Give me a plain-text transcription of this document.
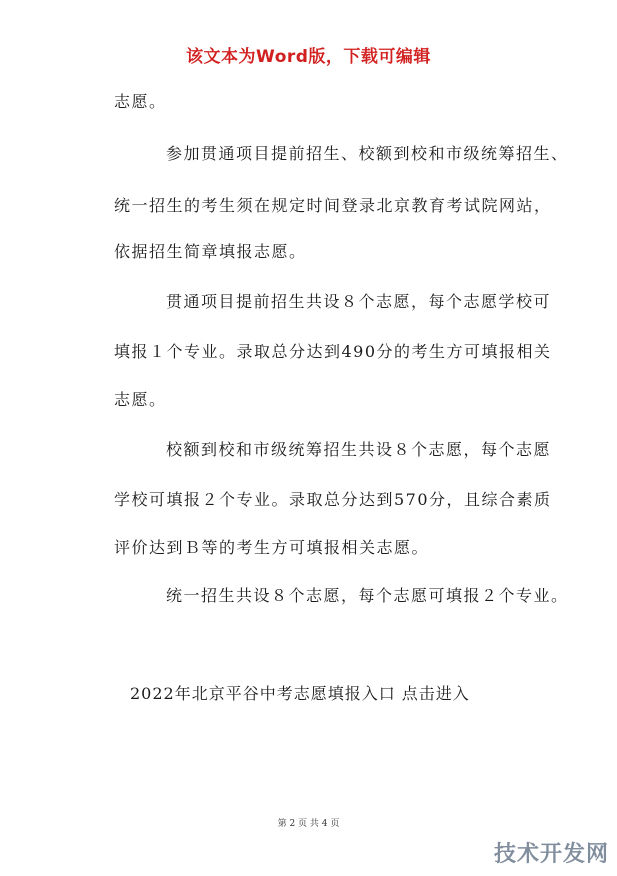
该文本为Word版，下载可编辑
志愿。
参加贯通项目提前招生、校额到校和市级统筹招生、
统一招生的考生须在规定时间登录北京教育考试院网站，
依据招生简章填报志愿。
贯通项目提前招生共设８个志愿，每个志愿学校可
填报１个专业。录取总分达到490分的考生方可填报相关
志愿。
校额到校和市级统筹招生共设８个志愿，每个志愿
学校可填报２个专业。录取总分达到570分，且综合素质
评价达到Ｂ等的考生方可填报相关志愿。
统一招生共设８个志愿，每个志愿可填报２个专业。
2022年北京平谷中考志愿填报入口 点击进入
第 2 页 共 4 页
技术开发网
